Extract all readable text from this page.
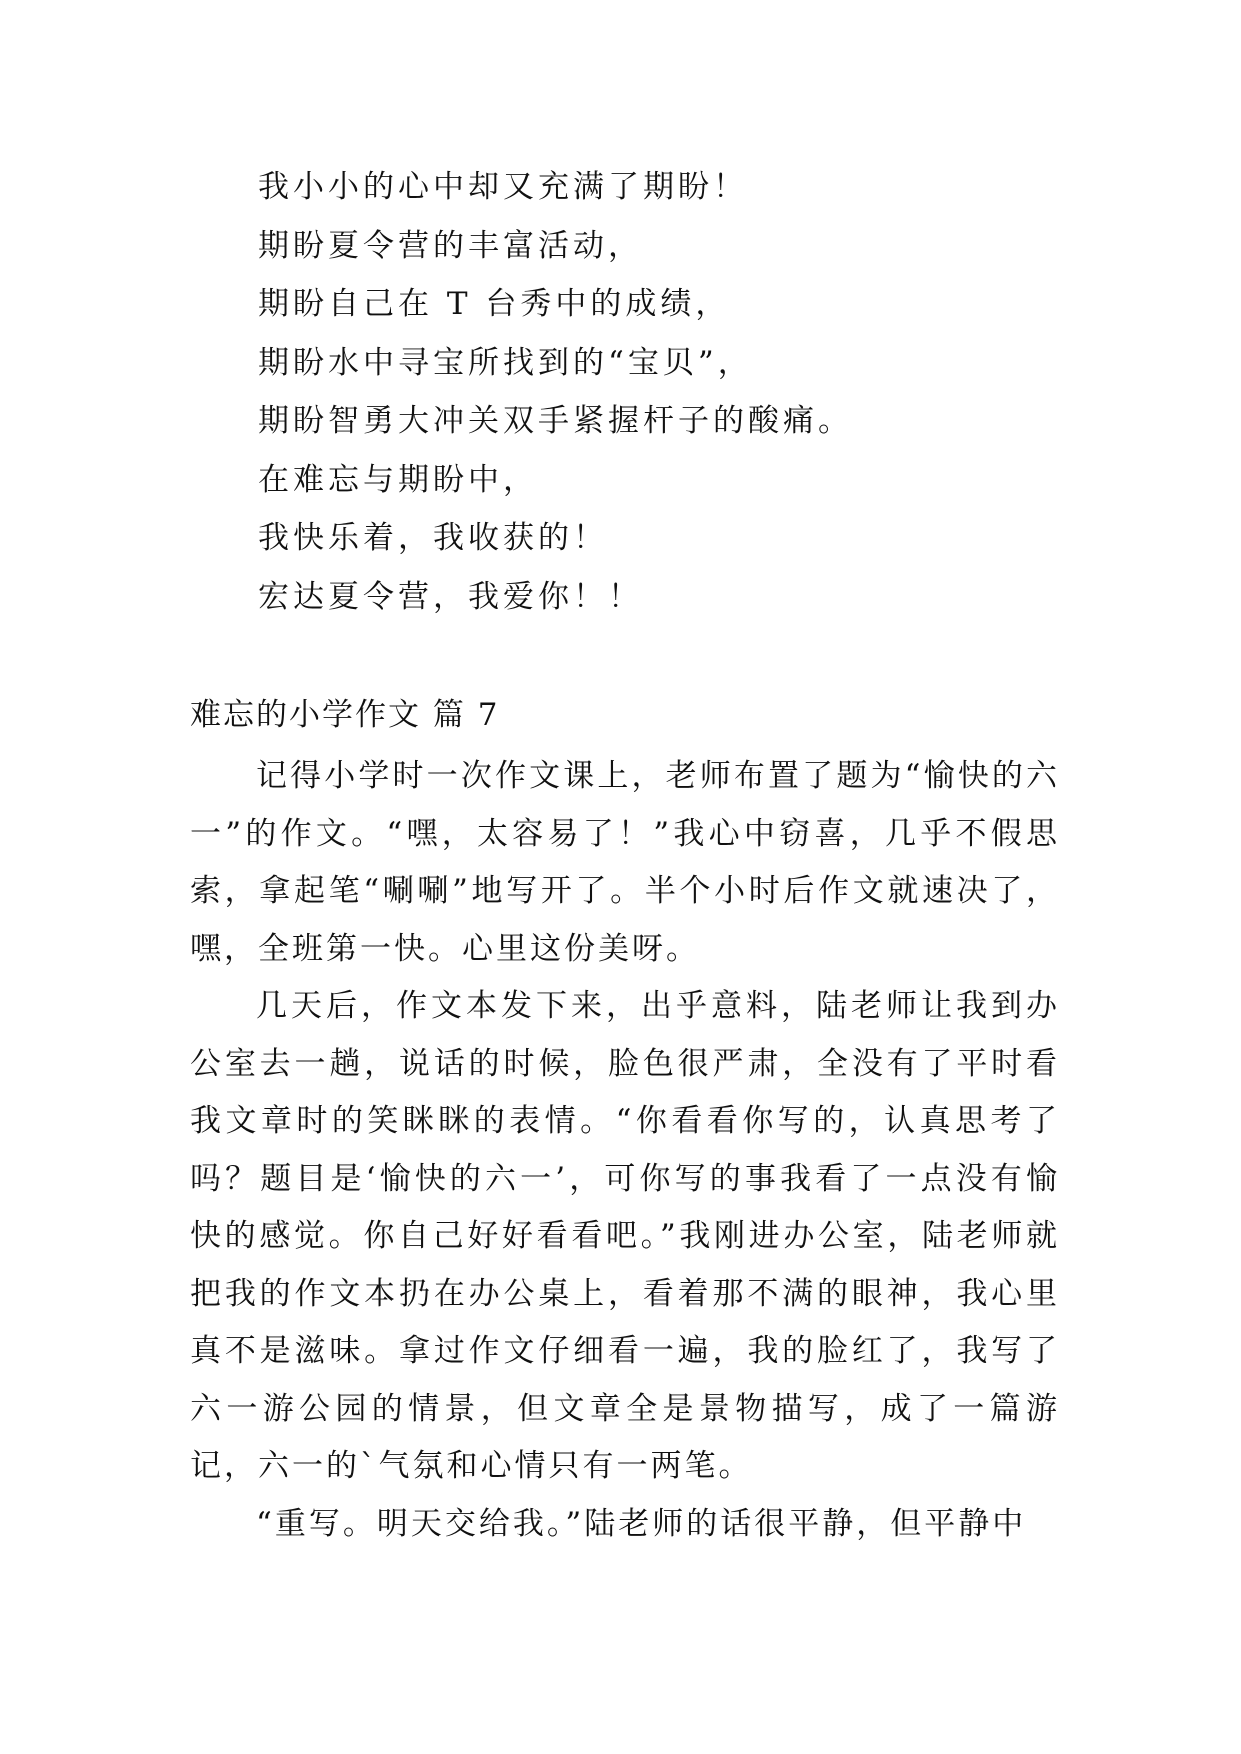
我小小的心中却又充满了期盼！
期盼夏令营的丰富活动，
期盼自己在 T 台秀中的成绩，
期盼水中寻宝所找到的“宝贝”，
期盼智勇大冲关双手紧握杆子的酸痛。
在难忘与期盼中，
我快乐着，我收获的！
宏达夏令营，我爱你！！
难忘的小学作文 篇 7

记得小学时一次作文课上，老师布置了题为“愉快的六一”的作文。“嘿，太容易了！”我心中窃喜，几乎不假思索，拿起笔“唰唰”地写开了。半个小时后作文就速决了，嘿，全班第一快。心里这份美呀。

几天后，作文本发下来，出乎意料，陆老师让我到办公室去一趟，说话的时候，脸色很严肃，全没有了平时看我文章时的笑眯眯的表情。“你看看你写的，认真思考了吗？题目是‘愉快的六一’，可你写的事我看了一点没有愉快的感觉。你自己好好看看吧。”我刚进办公室，陆老师就把我的作文本扔在办公桌上，看着那不满的眼神，我心里真不是滋味。拿过作文仔细看一遍，我的脸红了，我写了六一游公园的情景，但文章全是景物描写，成了一篇游记，六一的`气氛和心情只有一两笔。

“重写。明天交给我。”陆老师的话很平静，但平静中
